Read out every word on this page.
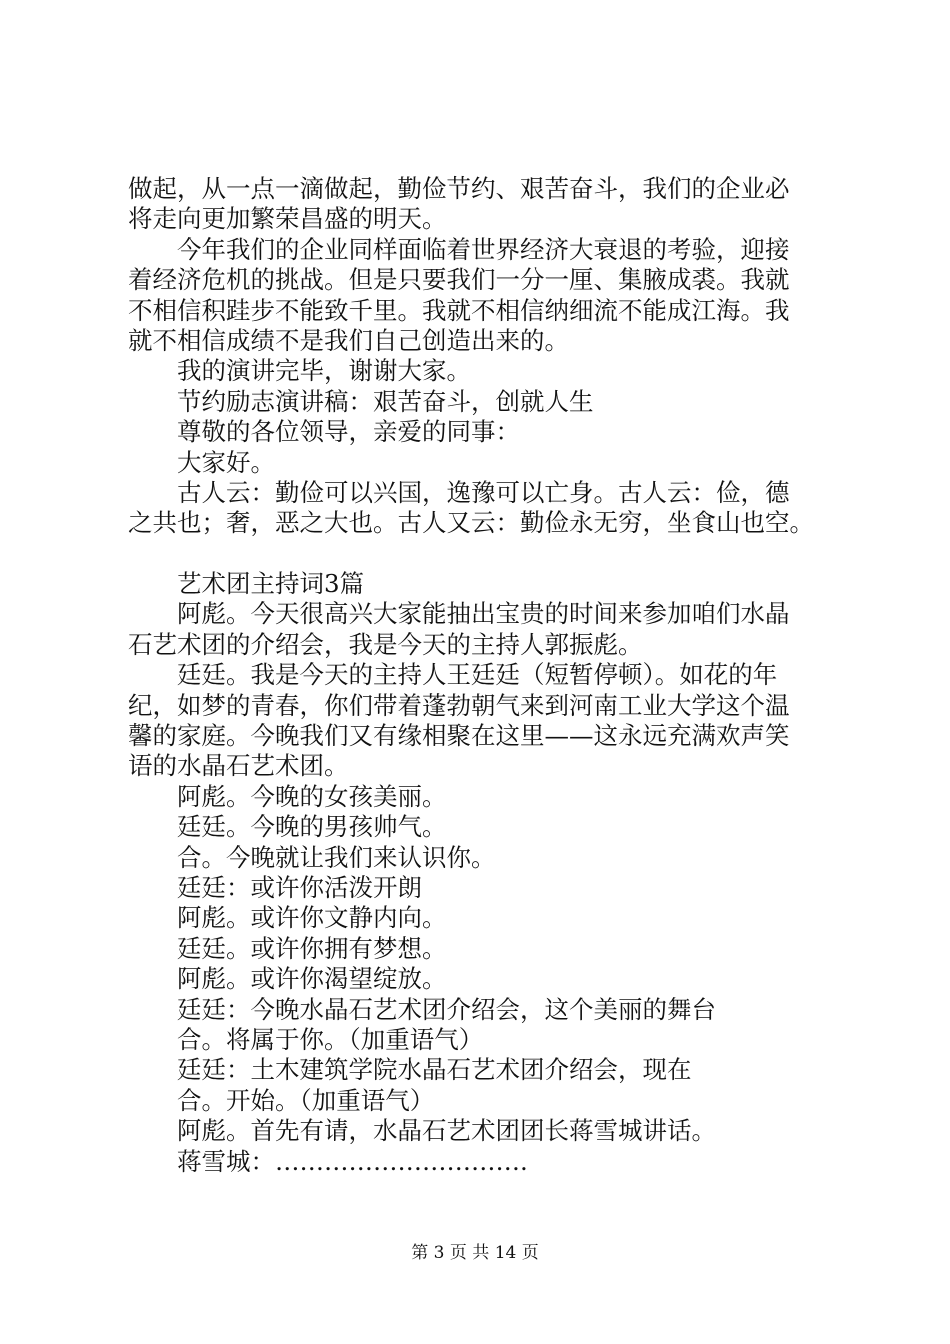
做起，从一点一滴做起，勤俭节约、艰苦奋斗，我们的企业必
将走向更加繁荣昌盛的明天。
今年我们的企业同样面临着世界经济大衰退的考验，迎接
着经济危机的挑战。但是只要我们一分一厘、集腋成裘。我就
不相信积跬步不能致千里。我就不相信纳细流不能成江海。我
就不相信成绩不是我们自己创造出来的。
我的演讲完毕，谢谢大家。
节约励志演讲稿：艰苦奋斗，创就人生
尊敬的各位领导，亲爱的同事：
大家好。
古人云：勤俭可以兴国，逸豫可以亡身。古人云：俭，德
之共也；奢，恶之大也。古人又云：勤俭永无穷，坐食山也空。
艺术团主持词3篇
阿彪。今天很高兴大家能抽出宝贵的时间来参加咱们水晶
石艺术团的介绍会，我是今天的主持人郭振彪。
廷廷。我是今天的主持人王廷廷（短暂停顿）。如花的年
纪，如梦的青春，你们带着蓬勃朝气来到河南工业大学这个温
馨的家庭。今晚我们又有缘相聚在这里——这永远充满欢声笑
语的水晶石艺术团。
阿彪。今晚的女孩美丽。
廷廷。今晚的男孩帅气。
合。今晚就让我们来认识你。
廷廷：或许你活泼开朗
阿彪。或许你文静内向。
廷廷。或许你拥有梦想。
阿彪。或许你渴望绽放。
廷廷：今晚水晶石艺术团介绍会，这个美丽的舞台
合。将属于你。（加重语气）
廷廷：土木建筑学院水晶石艺术团介绍会，现在
合。开始。（加重语气）
阿彪。首先有请，水晶石艺术团团长蒋雪城讲话。
蒋雪城：………………………….
第 3 页 共 14 页
